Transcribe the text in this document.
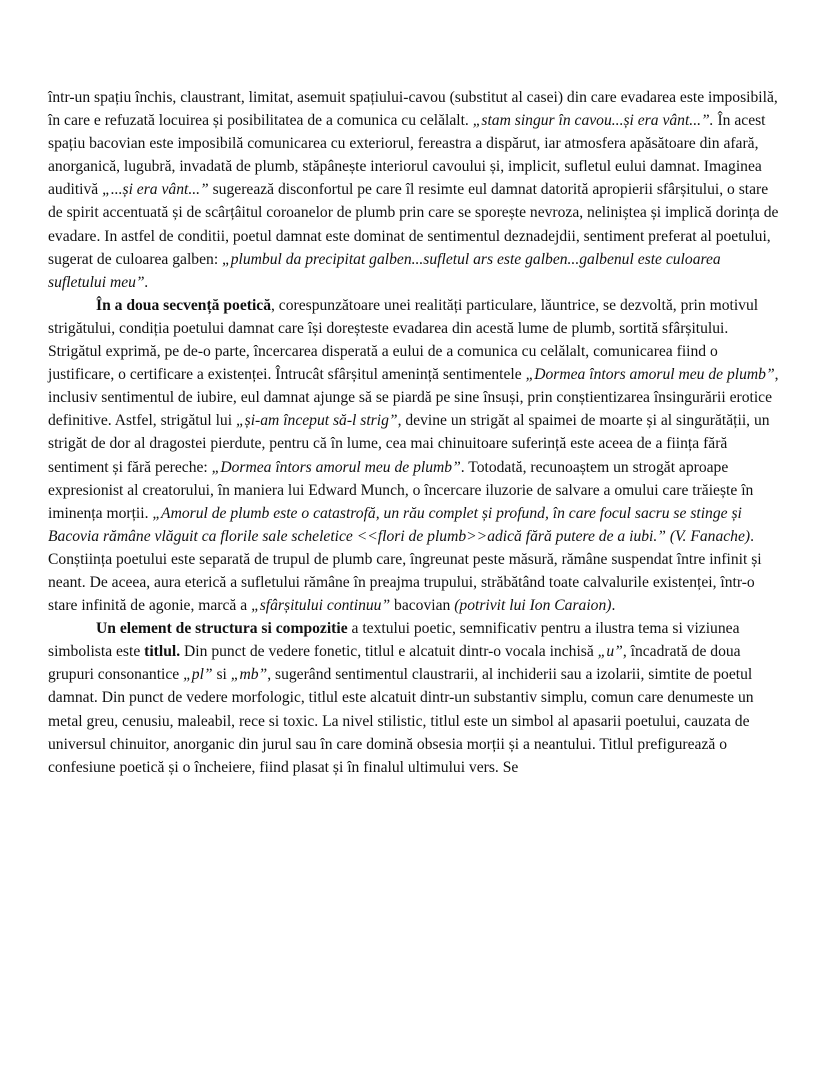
într-un spațiu închis, claustrant, limitat, asemuit spațiului-cavou (substitut al casei) din care evadarea este imposibilă, în care e refuzată locuirea și posibilitatea de a comunica cu celălalt. „stam singur în cavou...și era vânt...”. În acest spațiu bacovian este imposibilă comunicarea cu exteriorul, fereastra a dispărut, iar atmosfera apăsătoare din afară, anorganică, lugubră, invadată de plumb, stăpânește interiorul cavoului și, implicit, sufletul eului damnat. Imaginea auditivă „...și era vânt...” sugerează disconfortul pe care îl resimte eul damnat datorită apropierii sfârșitului, o stare de spirit accentuată și de scârțâitul coroanelor de plumb prin care se sporește nevroza, neliniștea și implică dorința de evadare. In astfel de conditii, poetul damnat este dominat de sentimentul deznadejdii, sentiment preferat al poetului, sugerat de culoarea galben: „plumbul da precipitat galben...sufletul ars este galben...galbenul este culoarea sufletului meu”.

În a doua secvență poetică, corespunzătoare unei realități particulare, lăuntrice, se dezvoltă, prin motivul strigătului, condiția poetului damnat care își doreșteste evadarea din acestă lume de plumb, sortită sfârșitului. Strigătul exprimă, pe de-o parte, încercarea disperată a eului de a comunica cu celălalt, comunicarea fiind o justificare, o certificare a existenței. Întrucât sfârșitul amenință sentimentele „Dormea întors amorul meu de plumb”, inclusiv sentimentul de iubire, eul damnat ajunge să se piardă pe sine însuși, prin conștientizarea însingurării erotice definitive. Astfel, strigătul lui „și-am început să-l strig”, devine un strigăt al spaimei de moarte și al singurătății, un strigăt de dor al dragostei pierdute, pentru că în lume, cea mai chinuitoare suferință este aceea de a ființa fără sentiment și fără pereche: „Dormea întors amorul meu de plumb”. Totodată, recunoaștem un strogăt aproape expresionist al creatorului, în maniera lui Edward Munch, o încercare iluzorie de salvare a omului care trăiește în iminența morții. „Amorul de plumb este o catastrofă, un rău complet și profund, în care focul sacru se stinge și Bacovia rămâne vlăguit ca florile sale scheletice <<flori de plumb>>adică fără putere de a iubi.” (V. Fanache). Conștiința poetului este separată de trupul de plumb care, îngreunat peste măsură, rămâne suspendat între infinit și neant. De aceea, aura eterică a sufletului rămâne în preajma trupului, străbătând toate calvalurile existenței, într-o stare infinită de agonie, marcă a „sfârșitului continuu” bacovian (potrivit lui Ion Caraion).

Un element de structura si compozitie a textului poetic, semnificativ pentru a ilustra tema si viziunea simbolista este titlul. Din punct de vedere fonetic, titlul e alcatuit dintr-o vocala inchisă „u”, încadrată de doua grupuri consonantice „pl” si „mb”, sugerând sentimentul claustrarii, al inchiderii sau a izolarii, simtite de poetul damnat. Din punct de vedere morfologic, titlul este alcatuit dintr-un substantiv simplu, comun care denumeste un metal greu, cenusiu, maleabil, rece si toxic. La nivel stilistic, titlul este un simbol al apasarii poetului, cauzata de universul chinuitor, anorganic din jurul sau în care domină obsesia morții și a neantului. Titlul prefigurează o confesiune poetică și o încheiere, fiind plasat și în finalul ultimului vers. Se
